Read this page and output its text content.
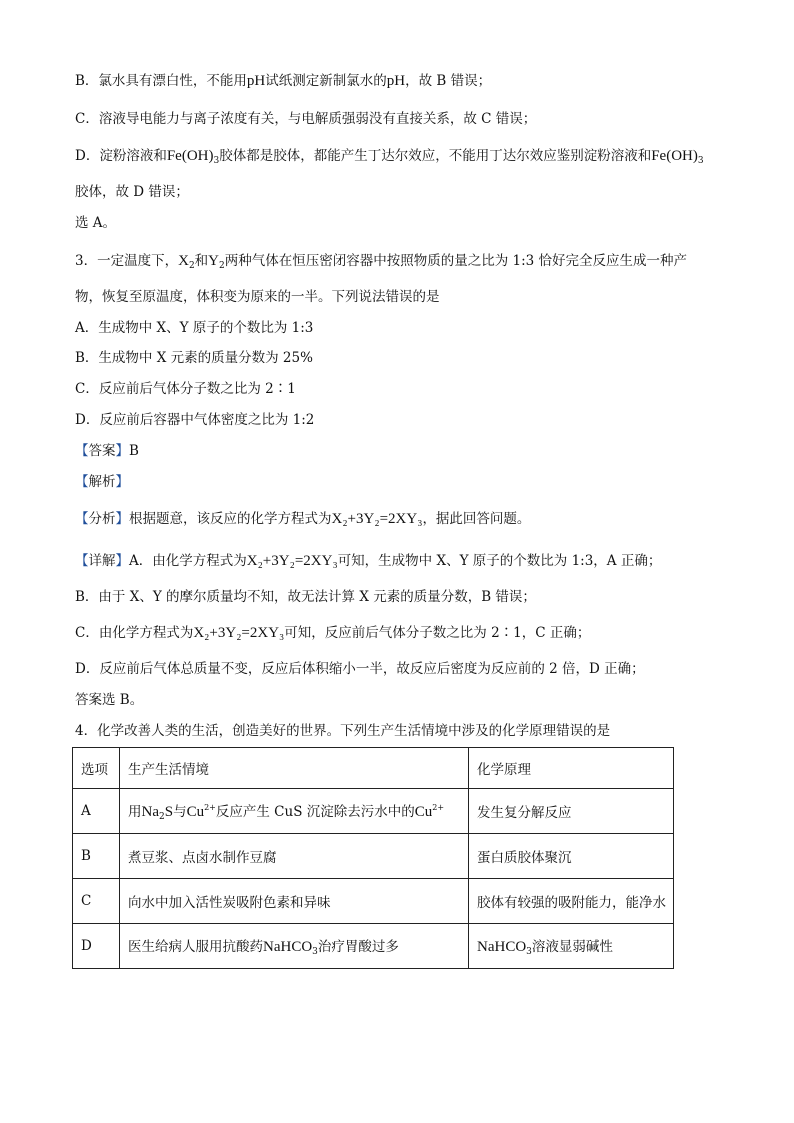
B．氯水具有漂白性，不能用pH试纸测定新制氯水的pH，故 B 错误；
C．溶液导电能力与离子浓度有关，与电解质强弱没有直接关系，故 C 错误；
D．淀粉溶液和$Fe(OH)_3$胶体都是胶体，都能产生丁达尔效应，不能用丁达尔效应鉴别淀粉溶液和$Fe(OH)_3$
胶体，故 D 错误；
选 A。
3．一定温度下，$X_2$和$Y_2$两种气体在恒压密闭容器中按照物质的量之比为 1:3 恰好完全反应生成一种产
物，恢复至原温度，体积变为原来的一半。下列说法错误的是
A．生成物中 X、Y 原子的个数比为 1:3
B．生成物中 X 元素的质量分数为 25%
C．反应前后气体分子数之比为 2∶1
D．反应前后容器中气体密度之比为 1:2
【答案】B
【解析】
【分析】根据题意，该反应的化学方程式为X₂+3Y₂=2XY₃，据此回答问题。
【详解】A．由化学方程式为X₂+3Y₂=2XY₃可知，生成物中 X、Y 原子的个数比为 1:3，A 正确；
B．由于 X、Y 的摩尔质量均不知，故无法计算 X 元素的质量分数，B 错误；
C．由化学方程式为X₂+3Y₂=2XY₃可知，反应前后气体分子数之比为 2∶1，C 正确；
D．反应前后气体总质量不变，反应后体积缩小一半，故反应后密度为反应前的 2 倍，D 正确；
答案选 B。
4．化学改善人类的生活，创造美好的世界。下列生产生活情境中涉及的化学原理错误的是
选项	生产生活情境	化学原理
A	用$Na_2S$与$Cu^{2+}$反应产生 CuS 沉淀除去污水中的$Cu^{2+}$	发生复分解反应
B	煮豆浆、点卤水制作豆腐	蛋白质胶体聚沉
C	向水中加入活性炭吸附色素和异味	胶体有较强的吸附能力，能净水
D	医生给病人服用抗酸药NaHCO$_3$治疗胃酸过多	NaHCO$_3$溶液显弱碱性
